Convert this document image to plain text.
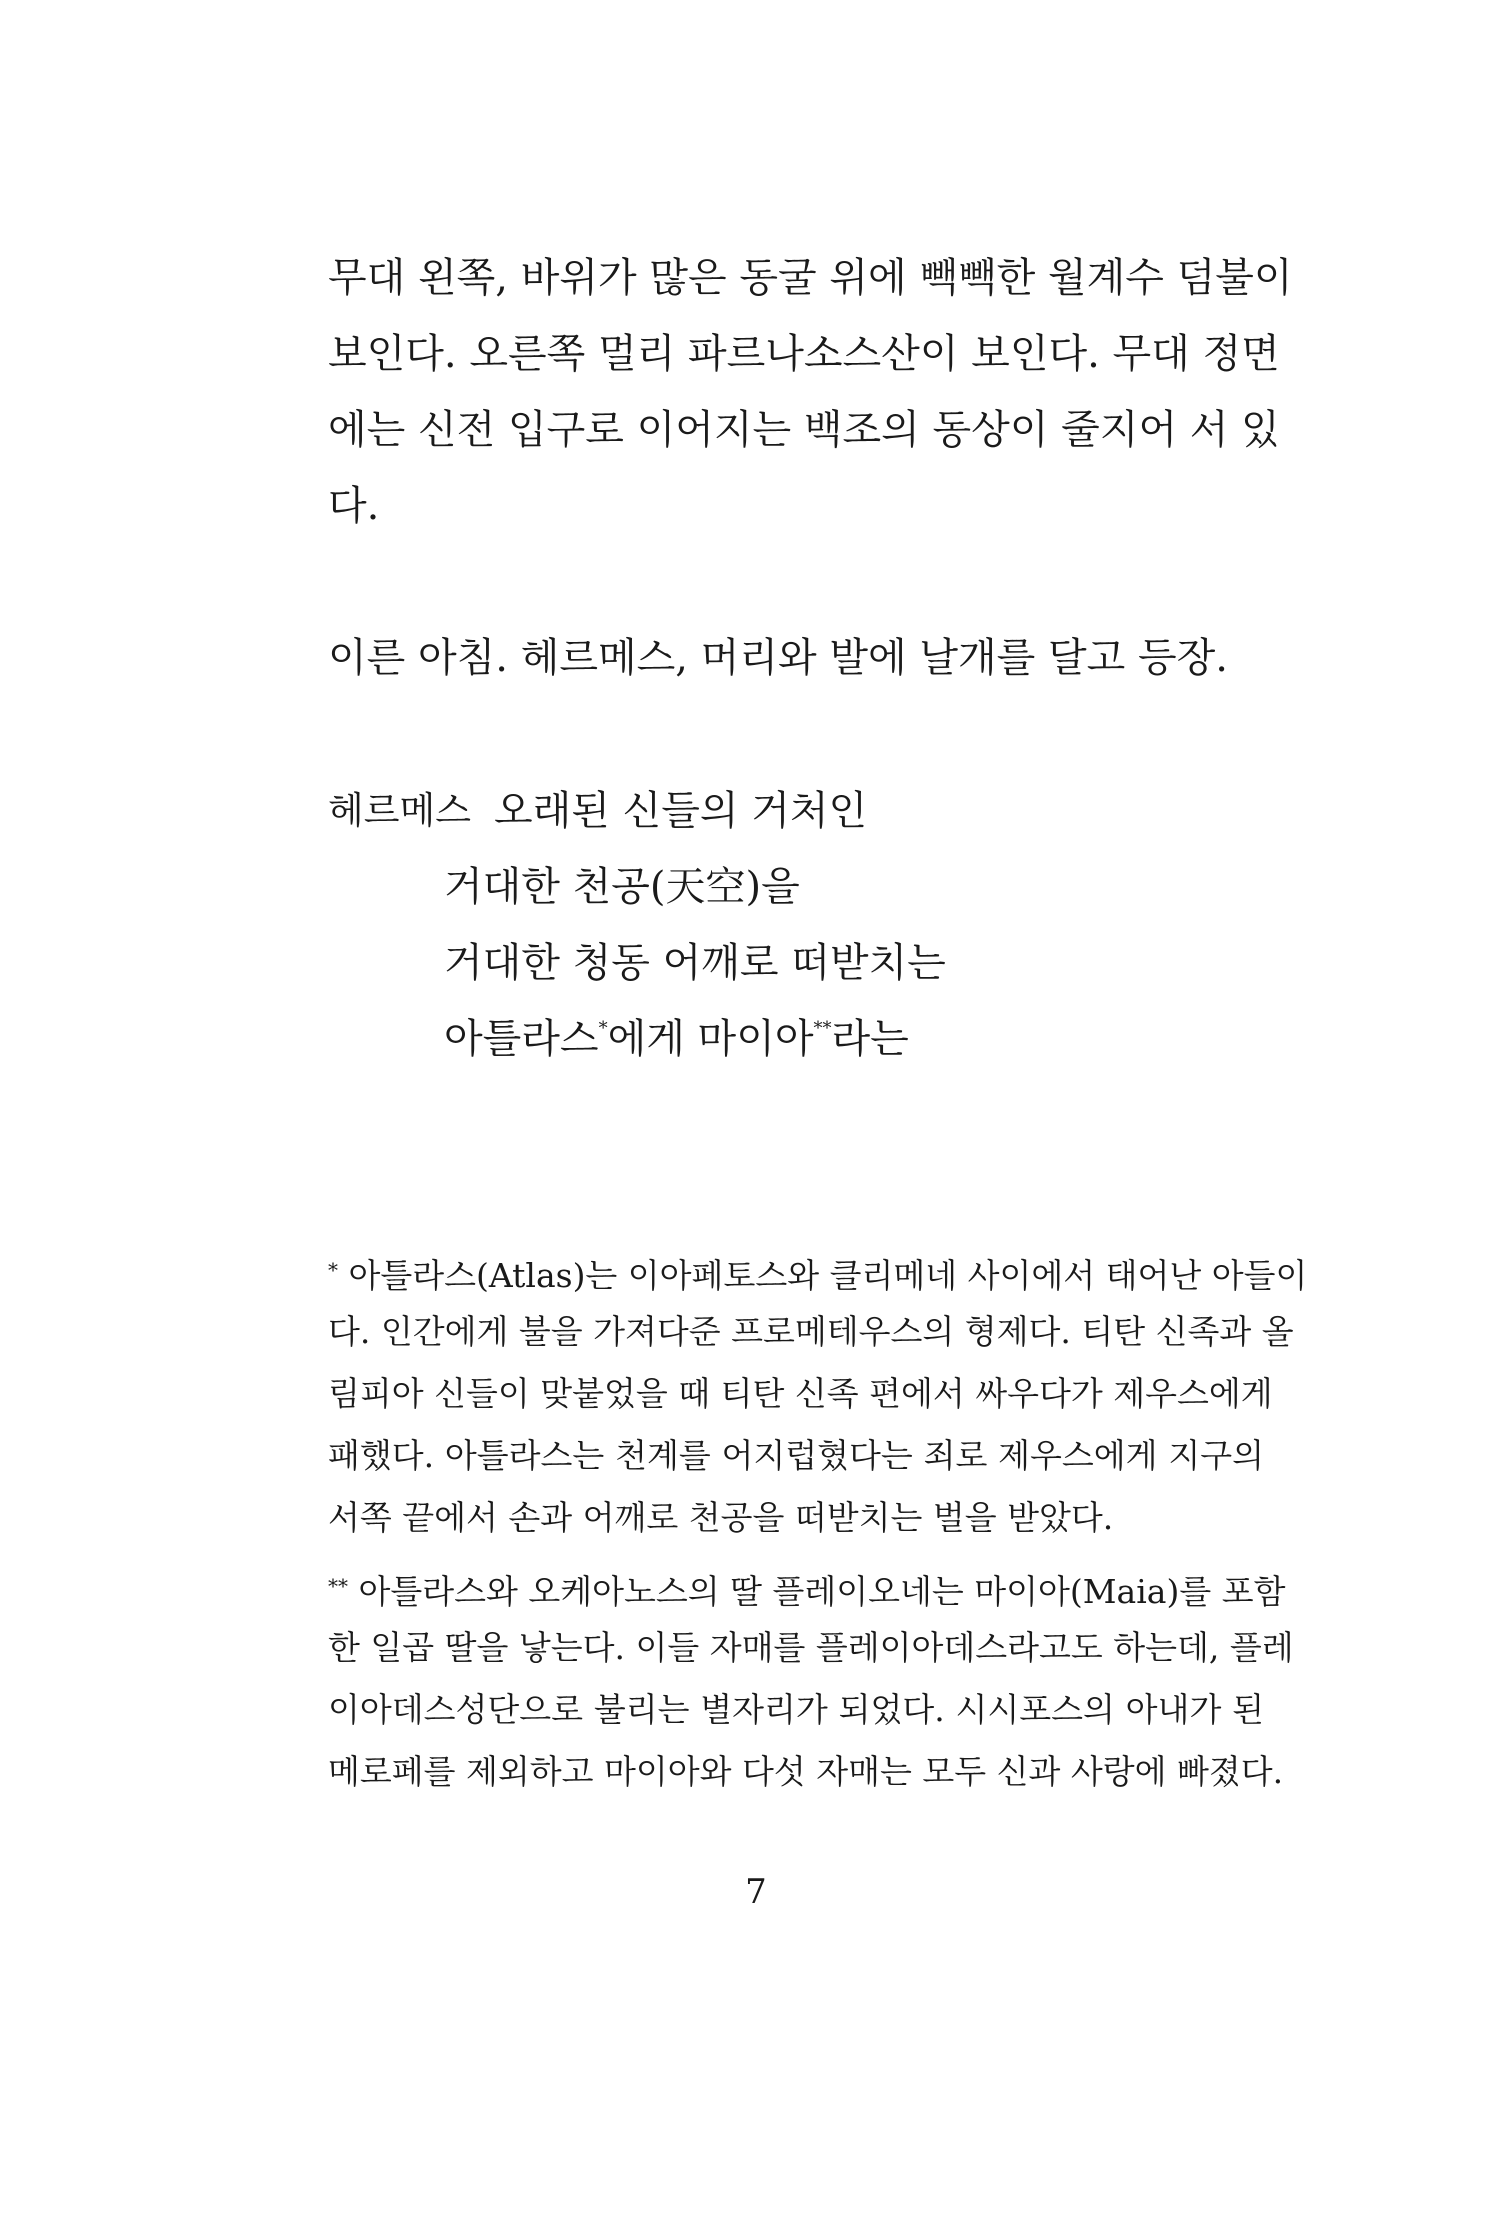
무대 왼쪽, 바위가 많은 동굴 위에 빽빽한 월계수 덤불이

보인다. 오른쪽 멀리 파르나소스산이 보인다. 무대 정면

에는 신전 입구로 이어지는 백조의 동상이 줄지어 서 있

다.

이른 아침. 헤르메스, 머리와 발에 날개를 달고 등장.

헤르메스 오래된 신들의 거처인
거대한 천공(天空)을
거대한 청동 어깨로 떠받치는
아틀라스*에게 마이아**라는

* 아틀라스(Atlas)는 이아페토스와 클리메네 사이에서 태어난 아들이

다. 인간에게 불을 가져다준 프로메테우스의 형제다. 티탄 신족과 올

림피아 신들이 맞붙었을 때 티탄 신족 편에서 싸우다가 제우스에게

패했다. 아틀라스는 천계를 어지럽혔다는 죄로 제우스에게 지구의

서쪽 끝에서 손과 어깨로 천공을 떠받치는 벌을 받았다.

** 아틀라스와 오케아노스의 딸 플레이오네는 마이아(Maia)를 포함

한 일곱 딸을 낳는다. 이들 자매를 플레이아데스라고도 하는데, 플레

이아데스성단으로 불리는 별자리가 되었다. 시시포스의 아내가 된

메로페를 제외하고 마이아와 다섯 자매는 모두 신과 사랑에 빠졌다.

7
